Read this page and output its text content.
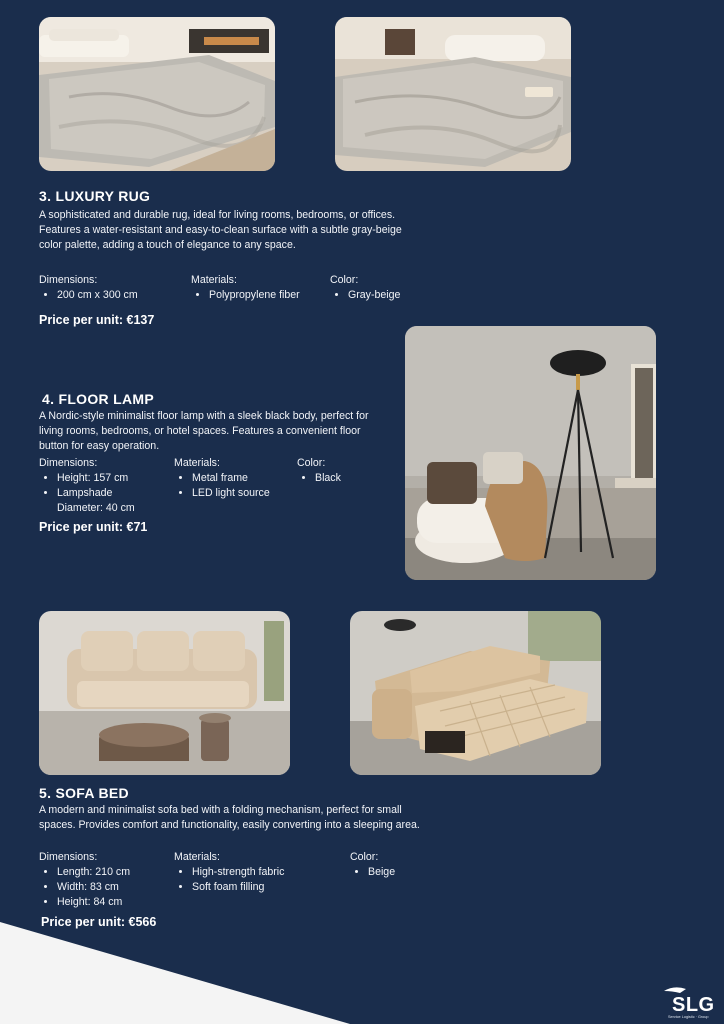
3. LUXURY RUG

A sophisticated and durable rug, ideal for living rooms, bedrooms, or offices. Features a water-resistant and easy-to-clean surface with a subtle gray-beige color palette, adding a touch of elegance to any space.

Dimensions:
• 200 cm x 300 cm
Materials:
• Polypropylene fiber
Color:
• Gray-beige

Price per unit: €137

4. FLOOR LAMP

A Nordic-style minimalist floor lamp with a sleek black body, perfect for living rooms, bedrooms, or hotel spaces. Features a convenient floor button for easy operation.

Dimensions:
• Height: 157 cm
• Lampshade Diameter: 40 cm
Materials:
• Metal frame
• LED light source
Color:
• Black

Price per unit: €71

5. SOFA BED

A modern and minimalist sofa bed with a folding mechanism, perfect for small spaces. Provides comfort and functionality, easily converting into a sleeping area.

Dimensions:
• Length: 210 cm
• Width: 83 cm
• Height: 84 cm
Materials:
• High-strength fabric
• Soft foam filling
Color:
• Beige

Price per unit: €566

SLG
Service Logistic · Group
